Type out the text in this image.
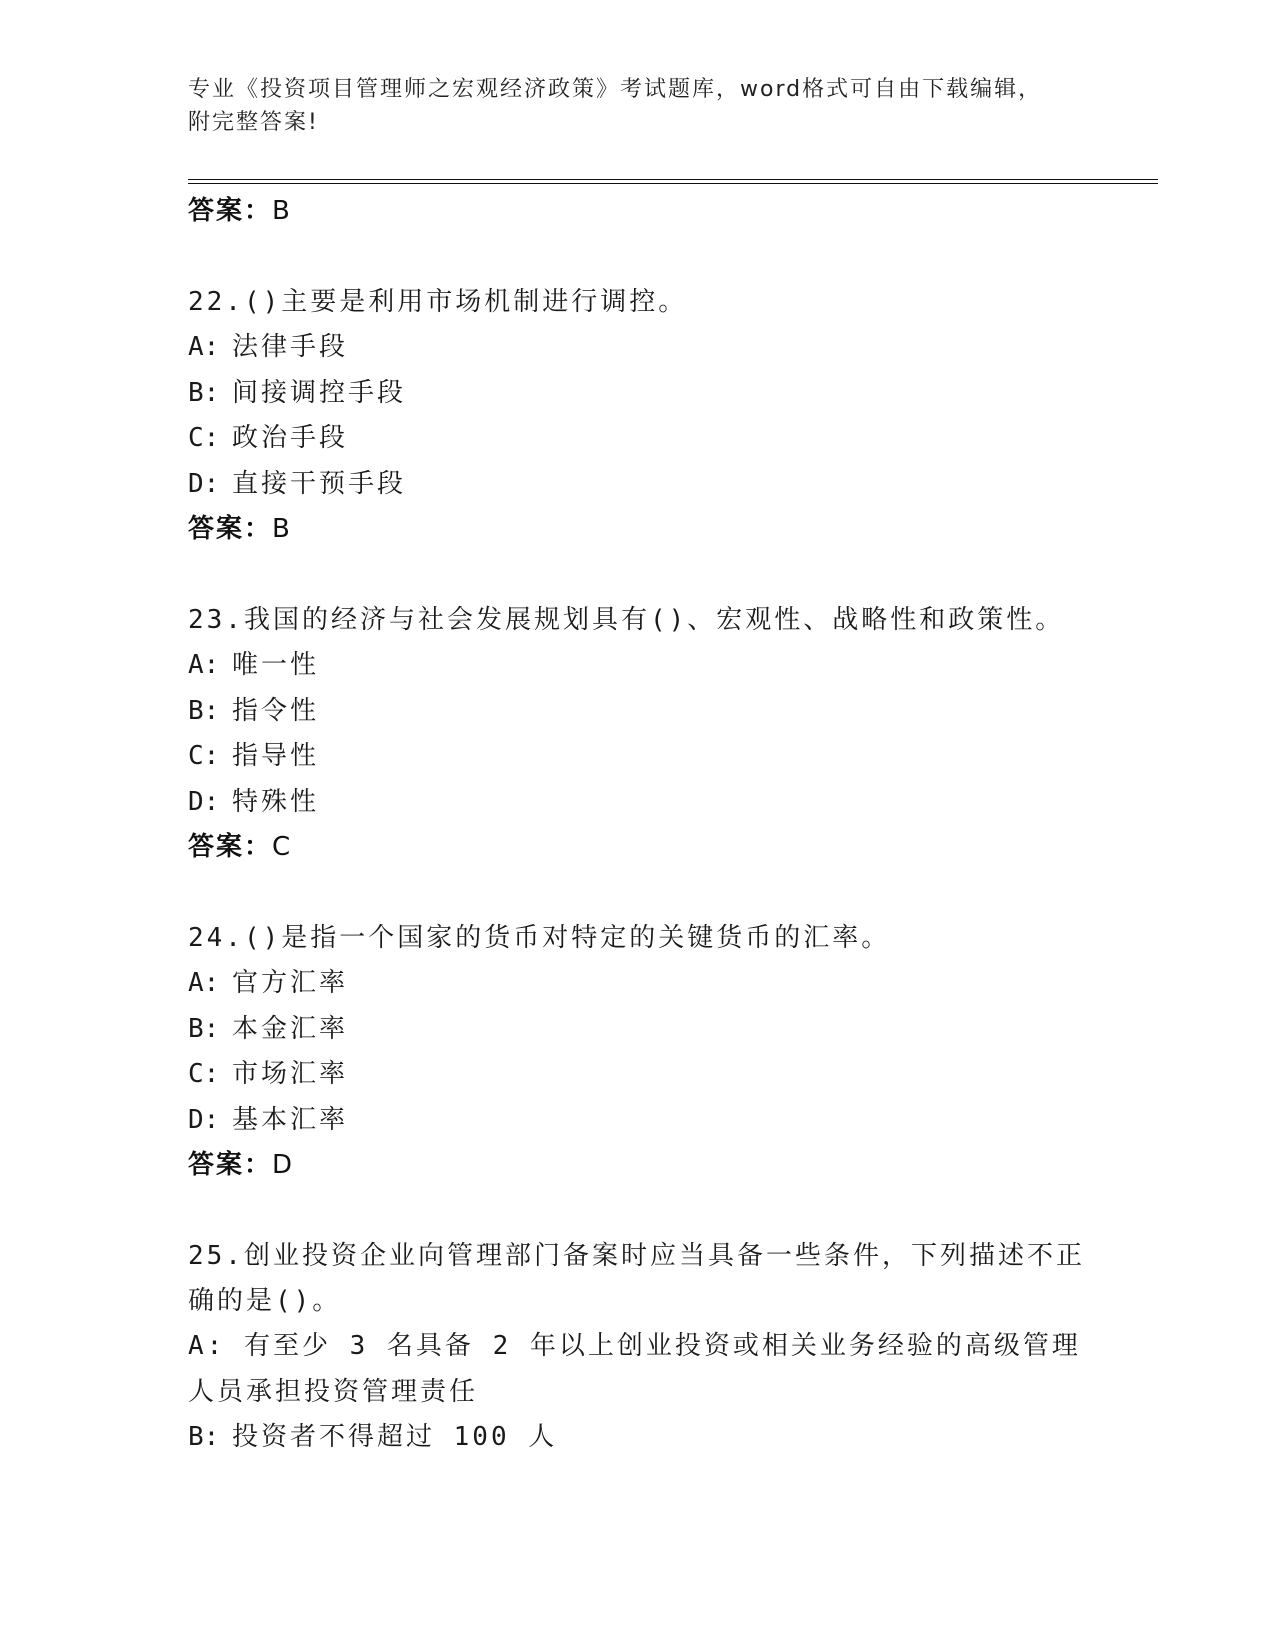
专业《投资项目管理师之宏观经济政策》考试题库，word格式可自由下载编辑，
附完整答案!
答案：B
22.()主要是利用市场机制进行调控。
A: 法律手段
B: 间接调控手段
C: 政治手段
D: 直接干预手段
答案：B
23.我国的经济与社会发展规划具有()、宏观性、战略性和政策性。
A: 唯一性
B: 指令性
C: 指导性
D: 特殊性
答案：C
24.()是指一个国家的货币对特定的关键货币的汇率。
A: 官方汇率
B: 本金汇率
C: 市场汇率
D: 基本汇率
答案：D
25.创业投资企业向管理部门备案时应当具备一些条件，下列描述不正确的是()。
A: 有至少 3 名具备 2 年以上创业投资或相关业务经验的高级管理人员承担投资管理责任
B: 投资者不得超过 100 人
